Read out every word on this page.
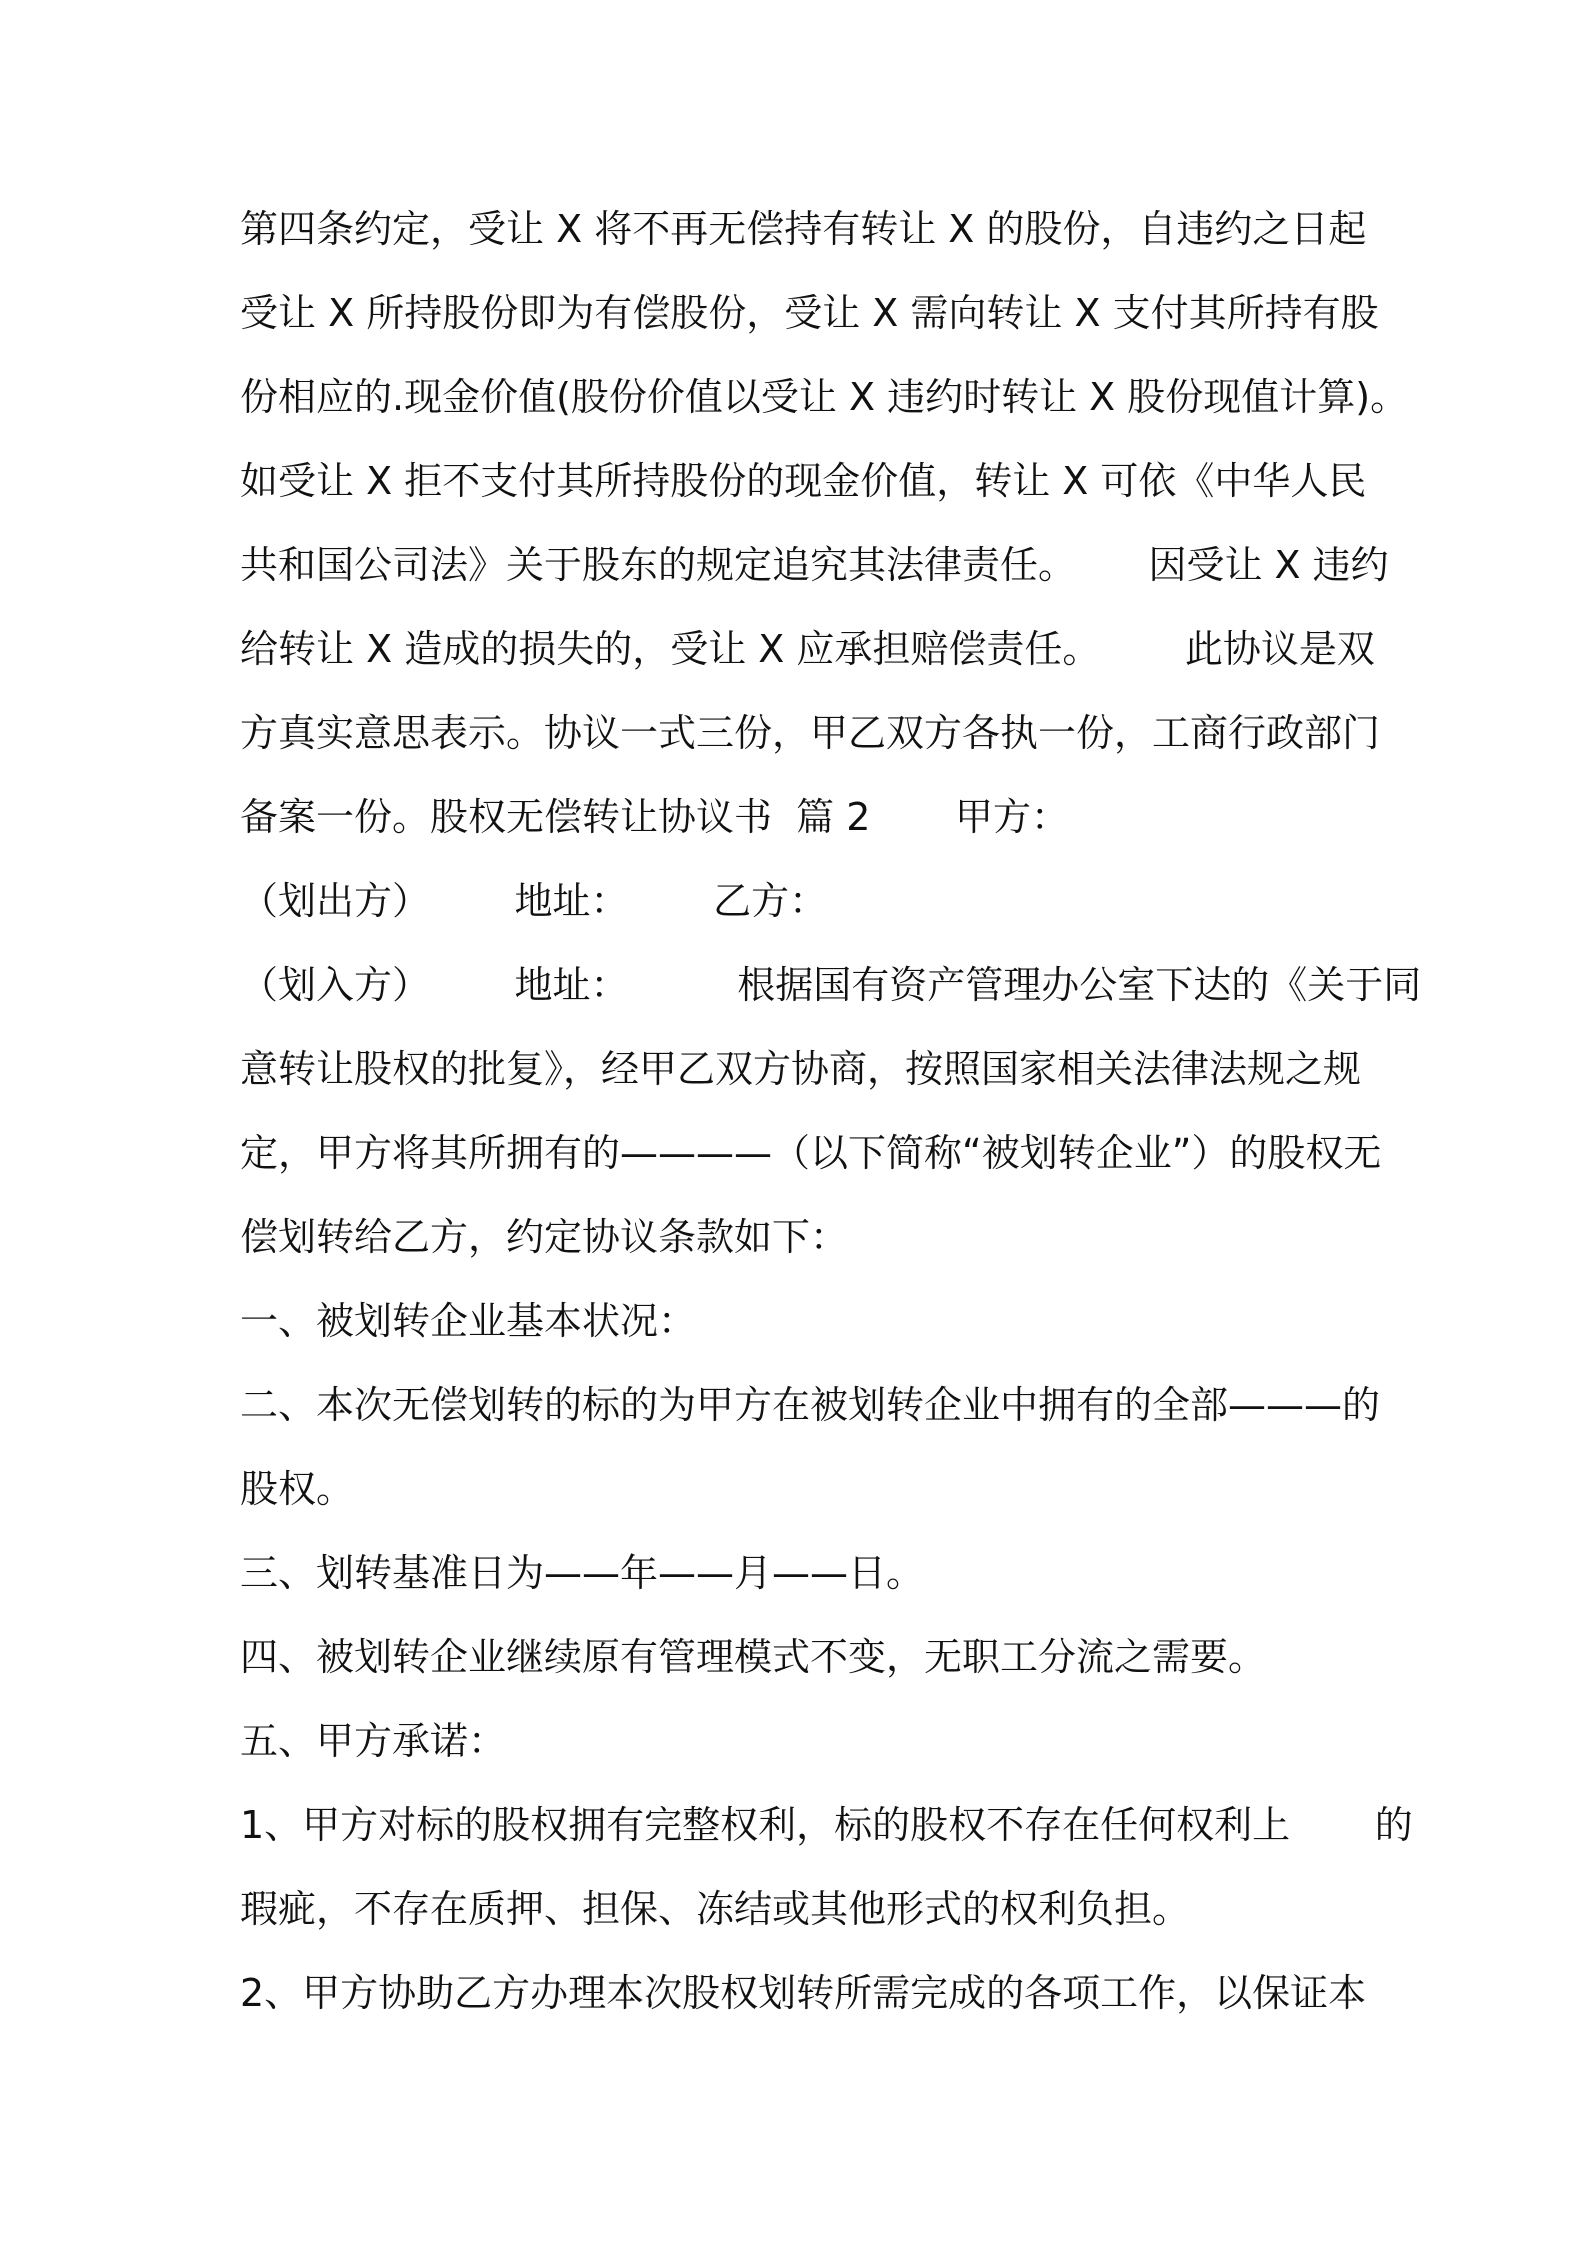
第四条约定，受让 X 将不再无偿持有转让 X 的股份，自违约之日起
受让 X 所持股份即为有偿股份，受让 X 需向转让 X 支付其所持有股
份相应的.现金价值(股份价值以受让 X 违约时转让 X 股份现值计算)。
如受让 X 拒不支付其所持股份的现金价值，转让 X 可依《中华人民
共和国公司法》关于股东的规定追究其法律责任。      因受让 X 违约
给转让 X 造成的损失的，受让 X 应承担赔偿责任。       此协议是双
方真实意思表示。协议一式三份，甲乙双方各执一份，工商行政部门
备案一份。股权无偿转让协议书  篇 2       甲方：
（划出方）       地址：       乙方：
（划入方）       地址：         根据国有资产管理办公室下达的《关于同
意转让股权的批复》，经甲乙双方协商，按照国家相关法律法规之规
定，甲方将其所拥有的————（以下简称“被划转企业”）的股权无
偿划转给乙方，约定协议条款如下：
一、被划转企业基本状况：
二、本次无偿划转的标的为甲方在被划转企业中拥有的全部———的
股权。
三、划转基准日为——年——月——日。
四、被划转企业继续原有管理模式不变，无职工分流之需要。
五、甲方承诺：
1、甲方对标的股权拥有完整权利，标的股权不存在任何权利上       的
瑕疵，不存在质押、担保、冻结或其他形式的权利负担。
2、甲方协助乙方办理本次股权划转所需完成的各项工作，以保证本
